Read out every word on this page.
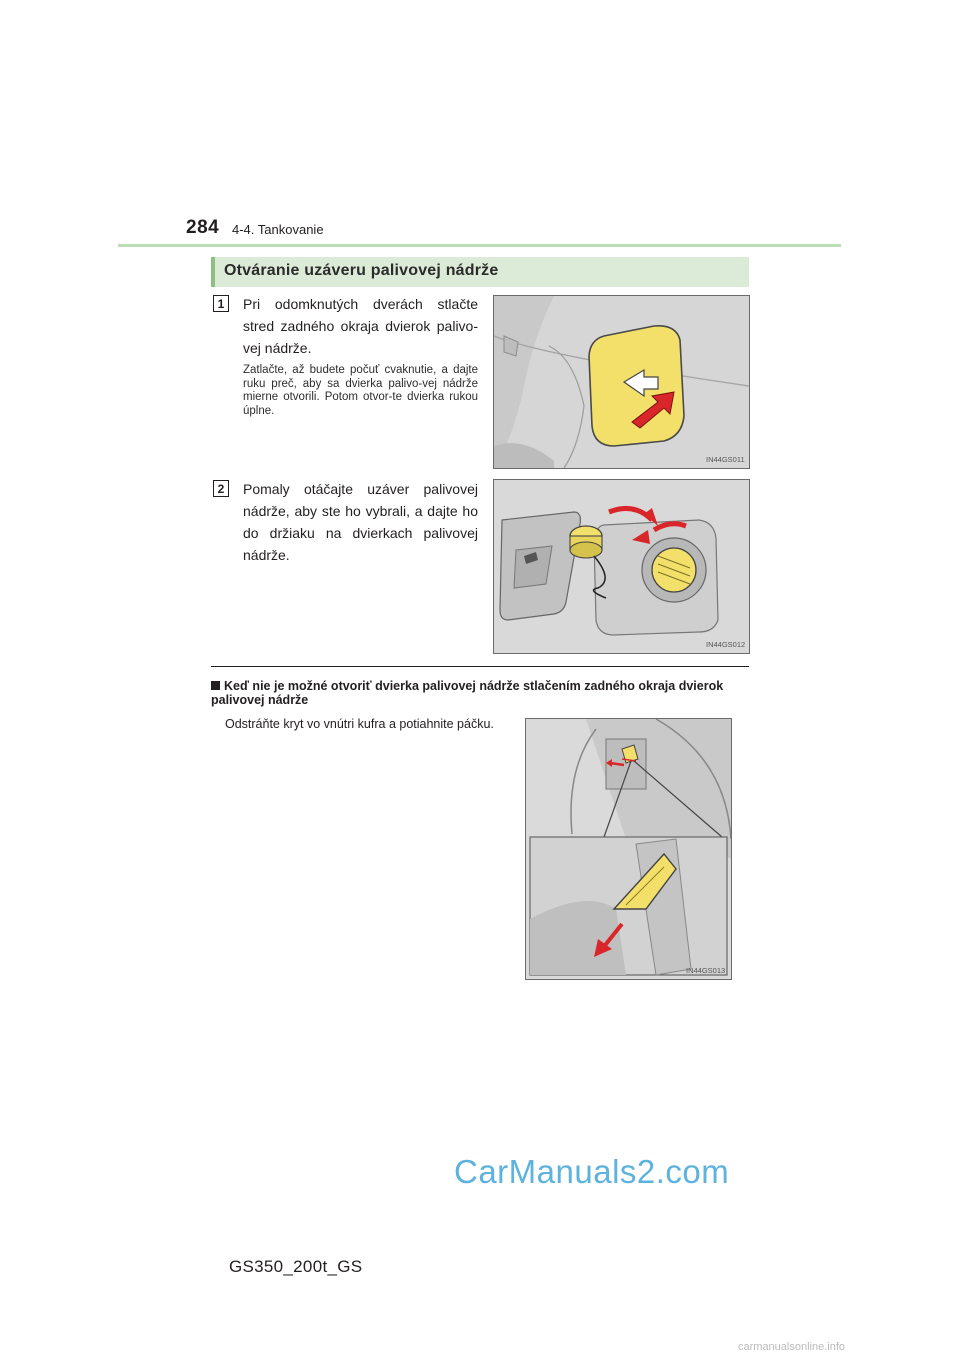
284 4-4. Tankovanie
Otváranie uzáveru palivovej nádrže
1	Pri odomknutých dverách stlačte stred zadného okraja dvierok palivo-vej nádrže.
Zatlačte, až budete počuť cvaknutie, a dajte ruku preč, aby sa dvierka palivo-vej nádrže mierne otvorili. Potom otvor-te dvierka rukou úplne.
IN44GS011
2	Pomaly otáčajte uzáver palivovej nádrže, aby ste ho vybrali, a dajte ho do držiaku na dvierkach palivovej nádrže.
IN44GS012
Keď nie je možné otvoriť dvierka palivovej nádrže stlačením zadného okraja dvierok palivovej nádrže
Odstráňte kryt vo vnútri kufra a potiahnite páčku.
IN44GS013
CarManuals2.com
GS350_200t_GS
carmanualsonline.info
